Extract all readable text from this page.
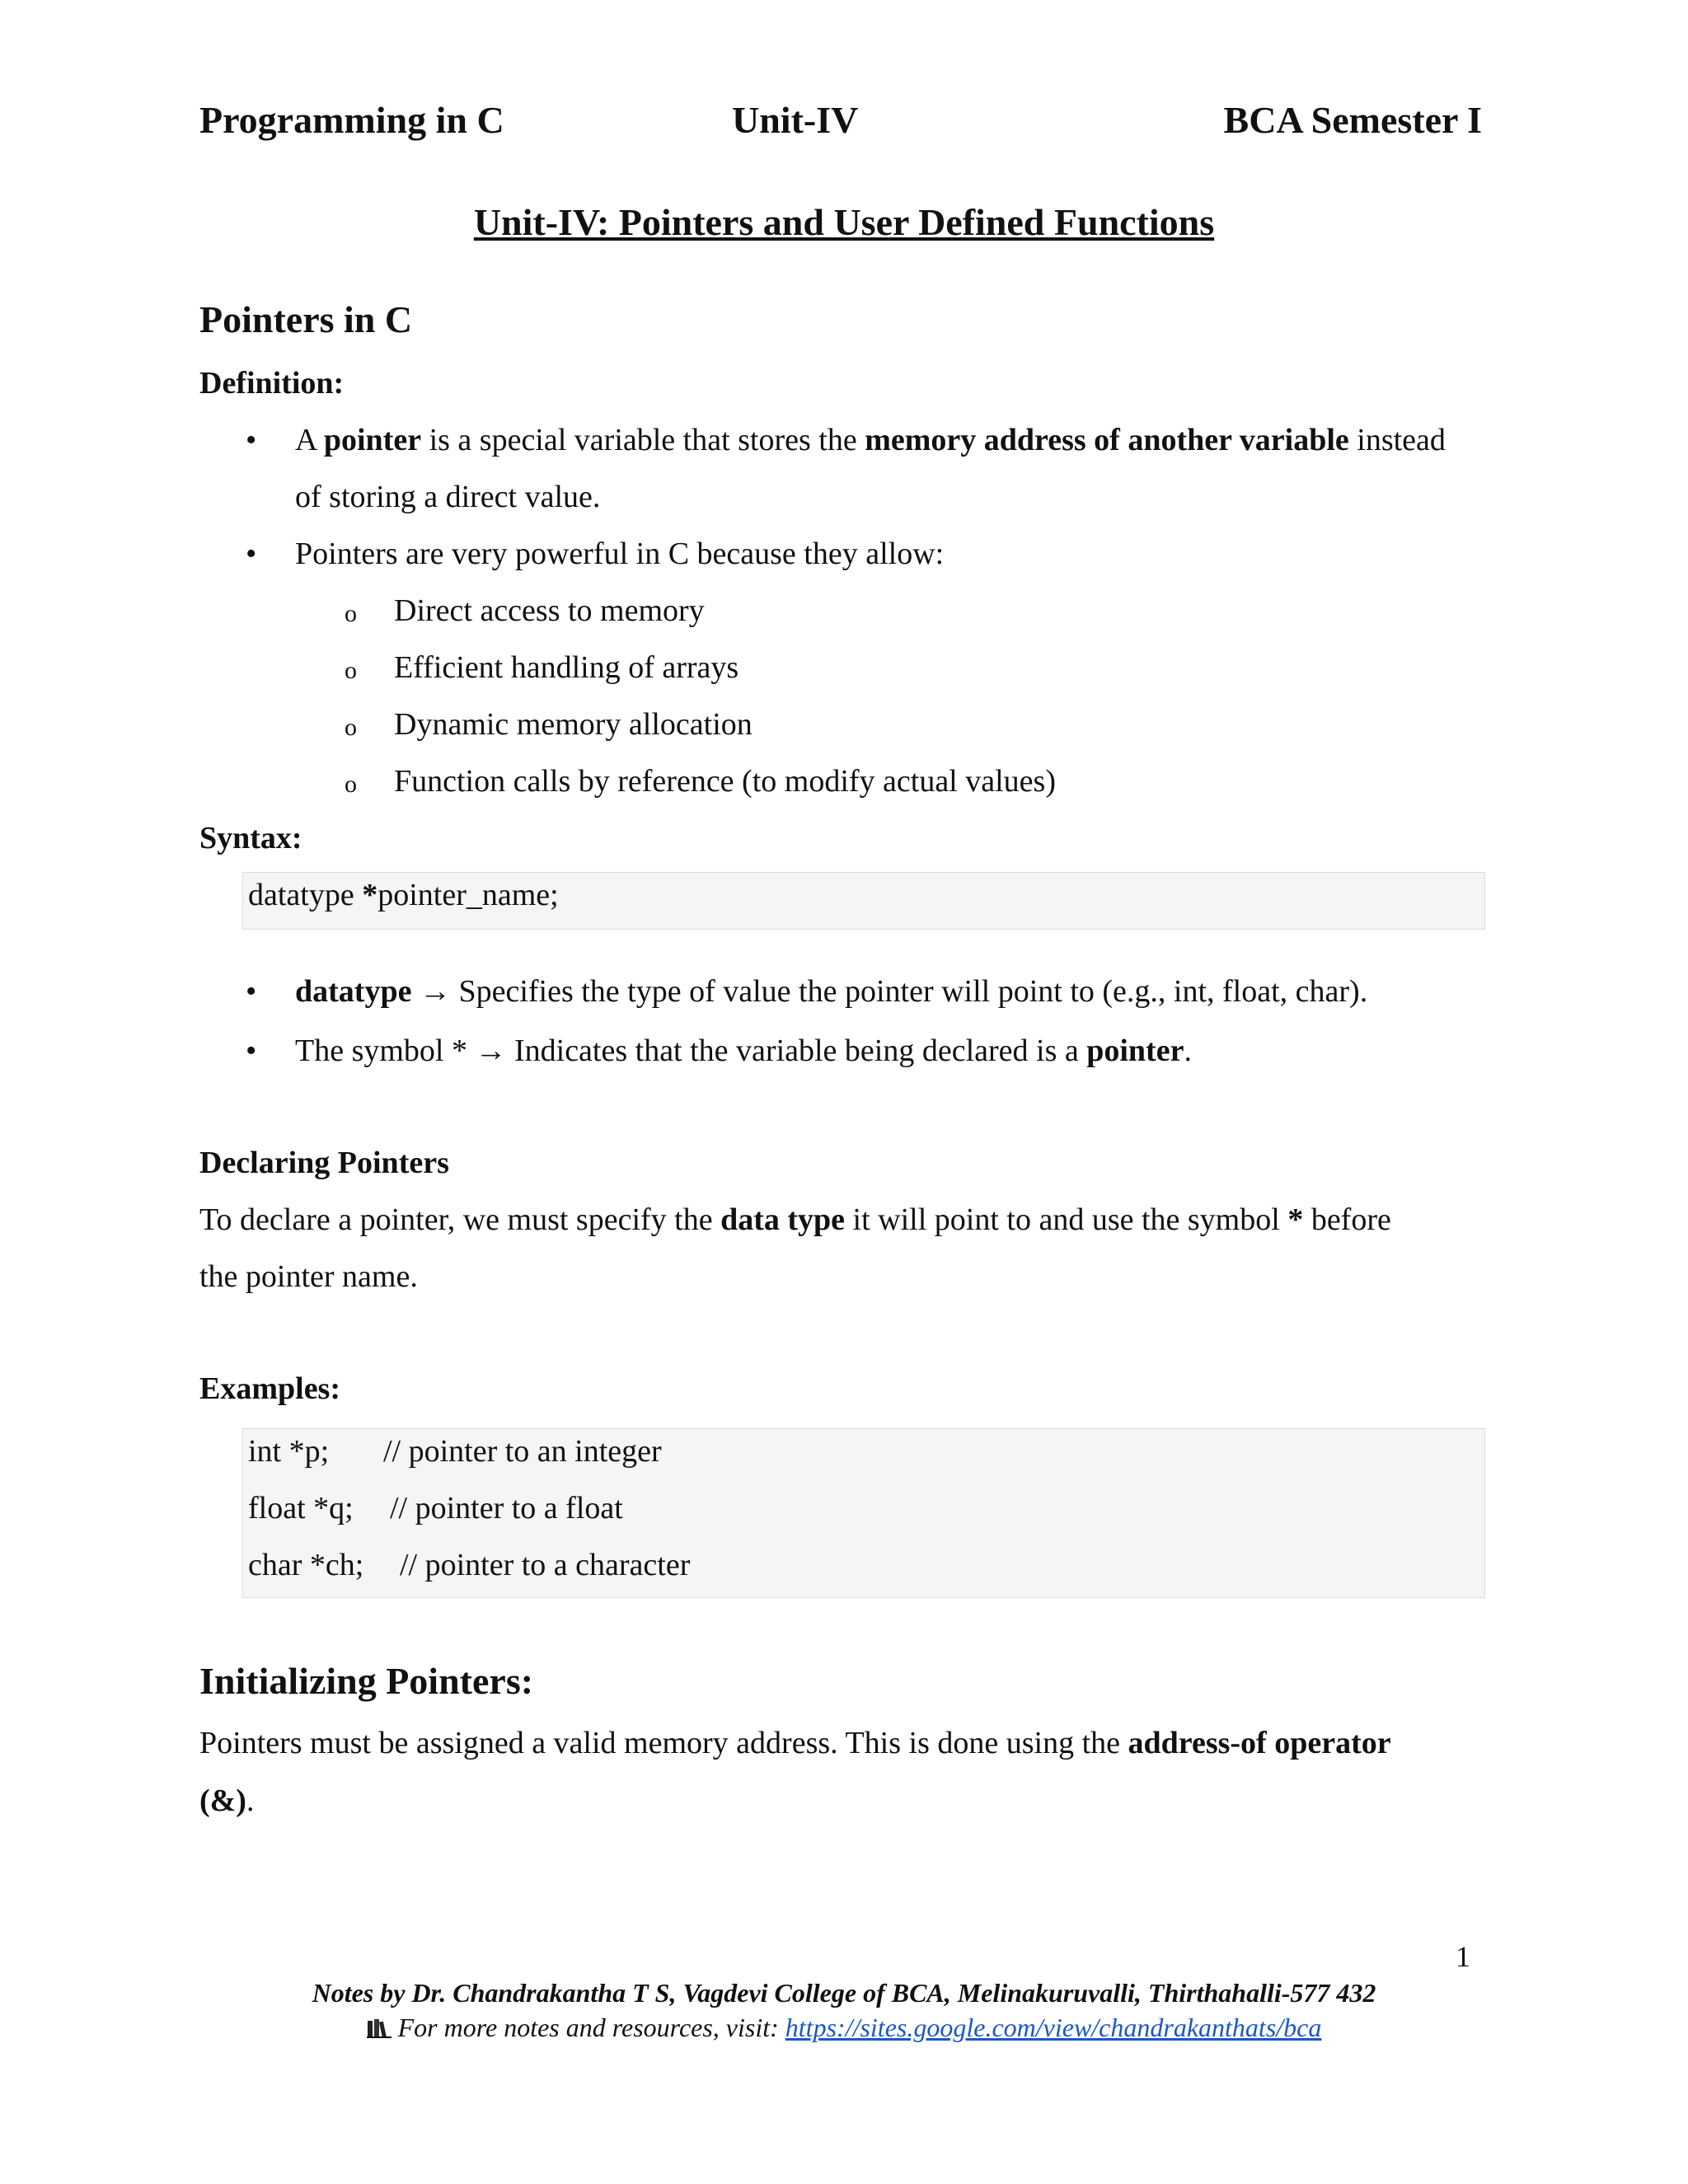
Programming in C	Unit-IV	BCA Semester I
Unit-IV: Pointers and User Defined Functions
Pointers in C
Definition:
• A pointer is a special variable that stores the memory address of another variable instead
of storing a direct value.
• Pointers are very powerful in C because they allow:
o Direct access to memory
o Efficient handling of arrays
o Dynamic memory allocation
o Function calls by reference (to modify actual values)
Syntax:
datatype *pointer_name;
• datatype → Specifies the type of value the pointer will point to (e.g., int, float, char).
• The symbol * → Indicates that the variable being declared is a pointer.
Declaring Pointers
To declare a pointer, we must specify the data type it will point to and use the symbol * before
the pointer name.
Examples:
int *p; // pointer to an integer
float *q; // pointer to a float
char *ch; // pointer to a character
Initializing Pointers:
Pointers must be assigned a valid memory address. This is done using the address-of operator
(&).
1
Notes by Dr. Chandrakantha T S, Vagdevi College of BCA, Melinakuruvalli, Thirthahalli-577 432
For more notes and resources, visit: https://sites.google.com/view/chandrakanthats/bca
